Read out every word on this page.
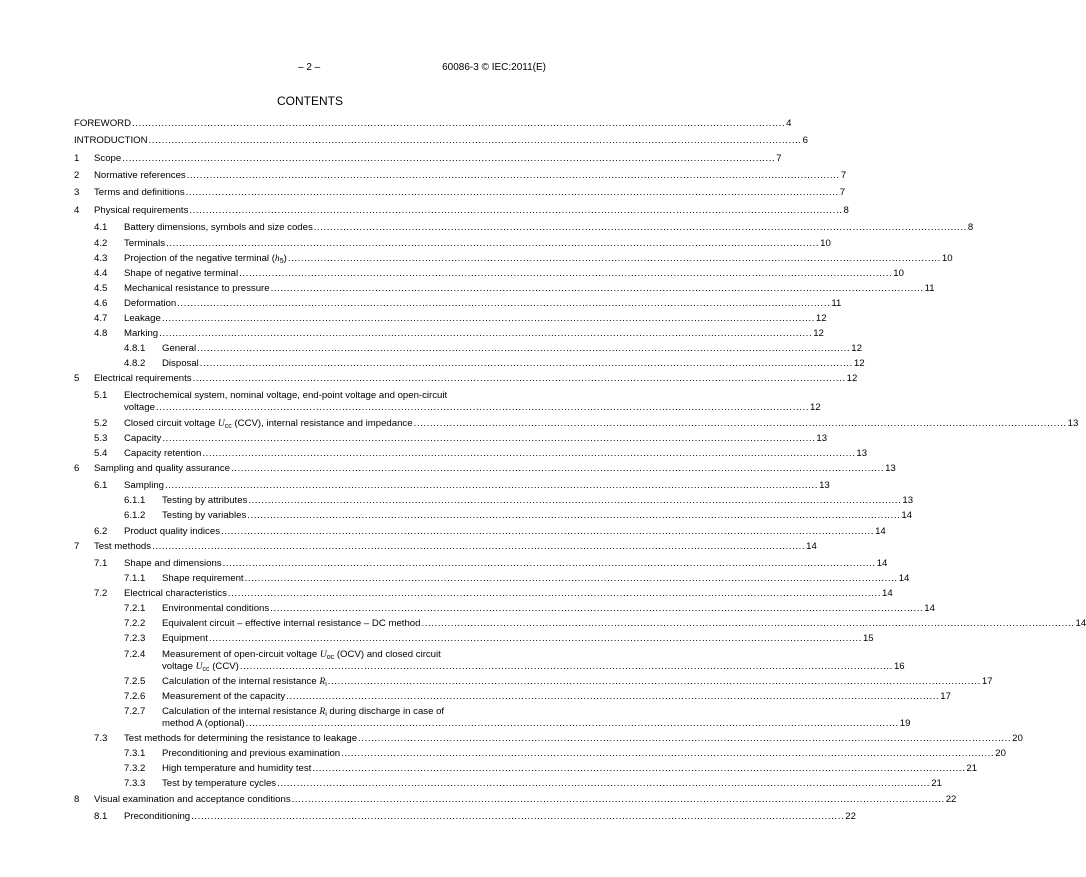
– 2 –	60086-3 © IEC:2011(E)
CONTENTS
FOREWORD ........................................................................................................................................................................................................ 4
INTRODUCTION ........................................................................................................................................................................................................ 6
1 Scope ........................................................................................................................................................................................................ 7
2 Normative references ........................................................................................................................................................................................................ 7
3 Terms and definitions ........................................................................................................................................................................................................ 7
4 Physical requirements ........................................................................................................................................................................................................ 8
4.1 Battery dimensions, symbols and size codes ........................................................................................................................................................................................................ 8
4.2 Terminals ........................................................................................................................................................................................................ 10
4.3 Projection of the negative terminal $(h_5)$ ........................................................................................................................................................................................................ 10
4.4 Shape of negative terminal ........................................................................................................................................................................................................ 10
4.5 Mechanical resistance to pressure ........................................................................................................................................................................................................ 11
4.6 Deformation ........................................................................................................................................................................................................ 11
4.7 Leakage ........................................................................................................................................................................................................ 12
4.8 Marking ........................................................................................................................................................................................................ 12
4.8.1 General ........................................................................................................................................................................................................ 12
4.8.2 Disposal ........................................................................................................................................................................................................ 12
5 Electrical requirements ........................................................................................................................................................................................................ 12
5.1 Electrochemical system, nominal voltage, end-point voltage and open-circuit
voltage ........................................................................................................................................................................................................ 12
5.2 Closed circuit voltage $U_{cc}$ (CCV), internal resistance and impedance ........................................................................................................................................................................................................ 13
5.3 Capacity ........................................................................................................................................................................................................ 13
5.4 Capacity retention ........................................................................................................................................................................................................ 13
6 Sampling and quality assurance ........................................................................................................................................................................................................ 13
6.1 Sampling ........................................................................................................................................................................................................ 13
6.1.1 Testing by attributes ........................................................................................................................................................................................................ 13
6.1.2 Testing by variables ........................................................................................................................................................................................................ 14
6.2 Product quality indices ........................................................................................................................................................................................................ 14
7 Test methods ........................................................................................................................................................................................................ 14
7.1 Shape and dimensions ........................................................................................................................................................................................................ 14
7.1.1 Shape requirement ........................................................................................................................................................................................................ 14
7.2 Electrical characteristics ........................................................................................................................................................................................................ 14
7.2.1 Environmental conditions ........................................................................................................................................................................................................ 14
7.2.2 Equivalent circuit – effective internal resistance – DC method ........................................................................................................................................................................................................ 14
7.2.3 Equipment ........................................................................................................................................................................................................ 15
7.2.4 Measurement of open-circuit voltage $U_{oc}$ (OCV) and closed circuit
voltage $U_{cc}$ (CCV) ........................................................................................................................................................................................................ 16
7.2.5 Calculation of the internal resistance $R_i$ ........................................................................................................................................................................................................ 17
7.2.6 Measurement of the capacity ........................................................................................................................................................................................................ 17
7.2.7 Calculation of the internal resistance $R_i$ during discharge in case of
method A (optional) ........................................................................................................................................................................................................ 19
7.3 Test methods for determining the resistance to leakage ........................................................................................................................................................................................................ 20
7.3.1 Preconditioning and previous examination ........................................................................................................................................................................................................ 20
7.3.2 High temperature and humidity test ........................................................................................................................................................................................................ 21
7.3.3 Test by temperature cycles ........................................................................................................................................................................................................ 21
8 Visual examination and acceptance conditions ........................................................................................................................................................................................................ 22
8.1 Preconditioning ........................................................................................................................................................................................................ 22
